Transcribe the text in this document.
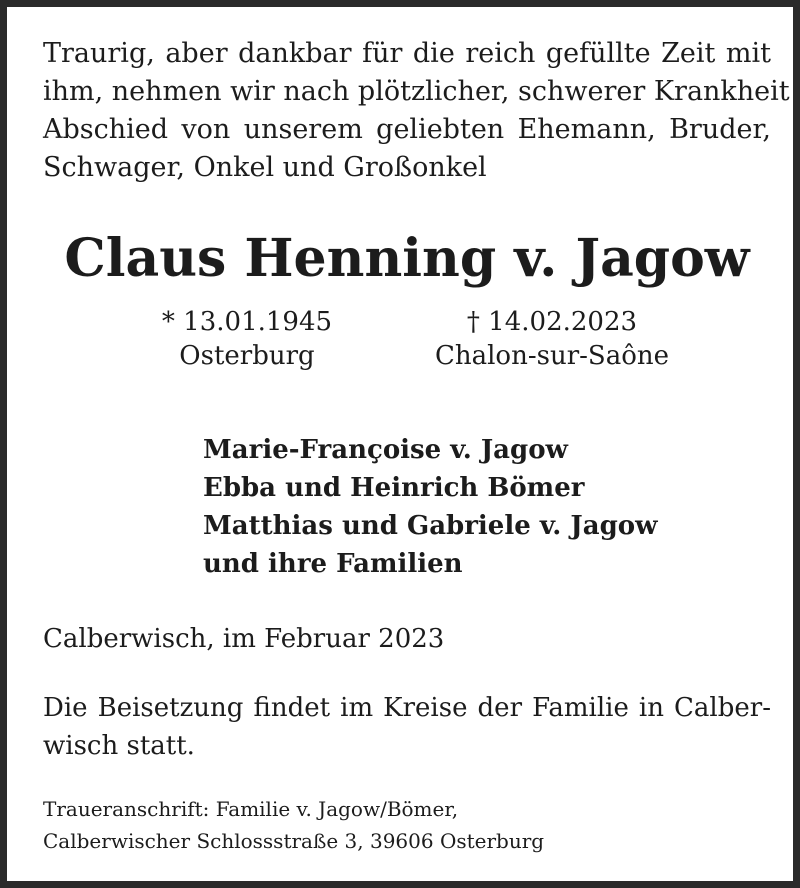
Traurig, aber dankbar für die reich gefüllte Zeit mit
ihm, nehmen wir nach plötzlicher, schwerer Krankheit
Abschied von unserem geliebten Ehemann, Bruder,
Schwager, Onkel und Großonkel

Claus Henning v. Jagow
* 13.01.1945
Osterburg
† 14.02.2023
Chalon-sur-Saône
Marie-Françoise v. Jagow
Ebba und Heinrich Bömer
Matthias und Gabriele v. Jagow
und ihre Familien
Calberwisch, im Februar 2023
Die Beisetzung findet im Kreise der Familie in Calber-
wisch statt.
Traueranschrift: Familie v. Jagow/Bömer,
Calberwischer Schlossstraße 3, 39606 Osterburg
